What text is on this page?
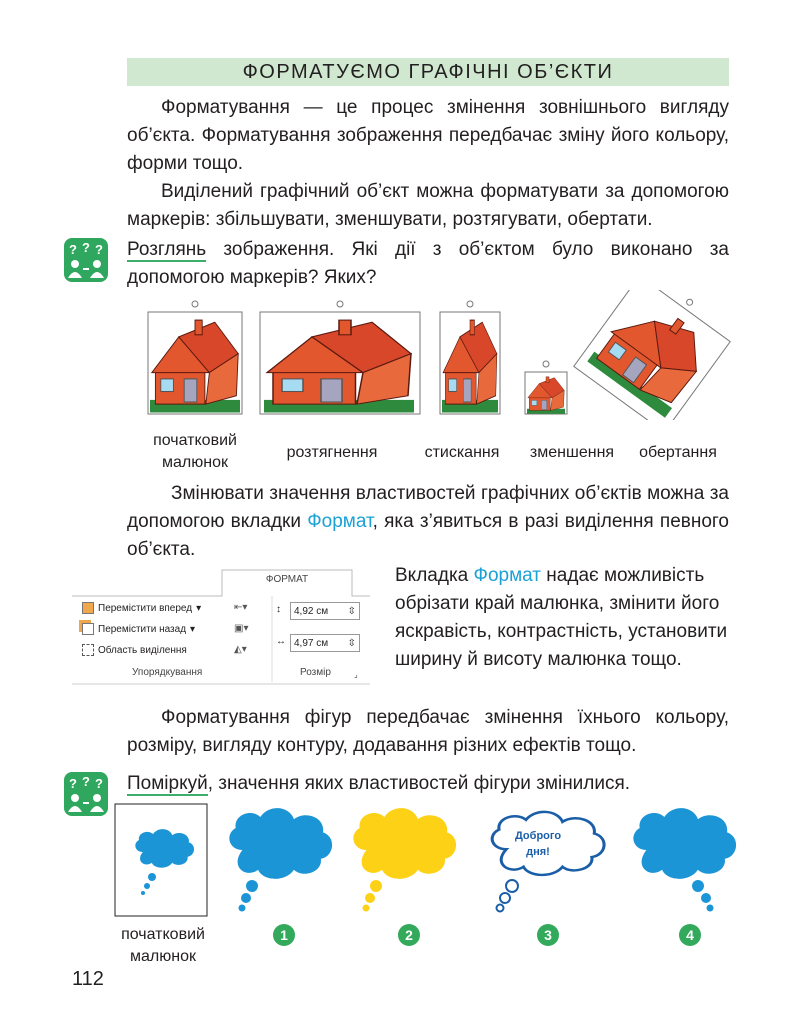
ФОРМАТУЄМО ГРАФІЧНІ ОБ’ЄКТИ

Форматування — це процес змінення зовнішнього вигляду об’єкта. Форматування зображення передбачає зміну його кольору, форми тощо.

Виділений графічний об’єкт можна форматувати за допомогою маркерів: збільшувати, зменшувати, розтягувати, обертати.

? ? ? Розглянь зображення. Які дії з об’єктом було виконано за допомогою маркерів? Яких?

початковий
малюнок
розтягнення	стискання	зменшення	обертання

Змінювати значення властивостей графічних об’єктів можна за допомогою вкладки Формат, яка з’явиться в разі виділення певного об’єкта.

ФОРМАТ
Перемістити вперед ▾
Перемістити назад ▾
Область виділення
⇤▾
▣▾
◭▾
Упорядкування
↕ 4,92 см ⇳
↔ 4,97 см ⇳
Розмір	⌟

Вкладка Формат надає можливість обрізати край малюнка, змінити його яскравість, контрастність, установити ширину й висоту малюнка тощо.

Форматування фігур передбачає змінення їхнього кольору, розміру, вигляду контуру, додавання різних ефектів тощо.

? ? ? Поміркуй, значення яких властивостей фігури змінилися.

Доброго
дня!
початковий
малюнок
1	2	3	4
112
